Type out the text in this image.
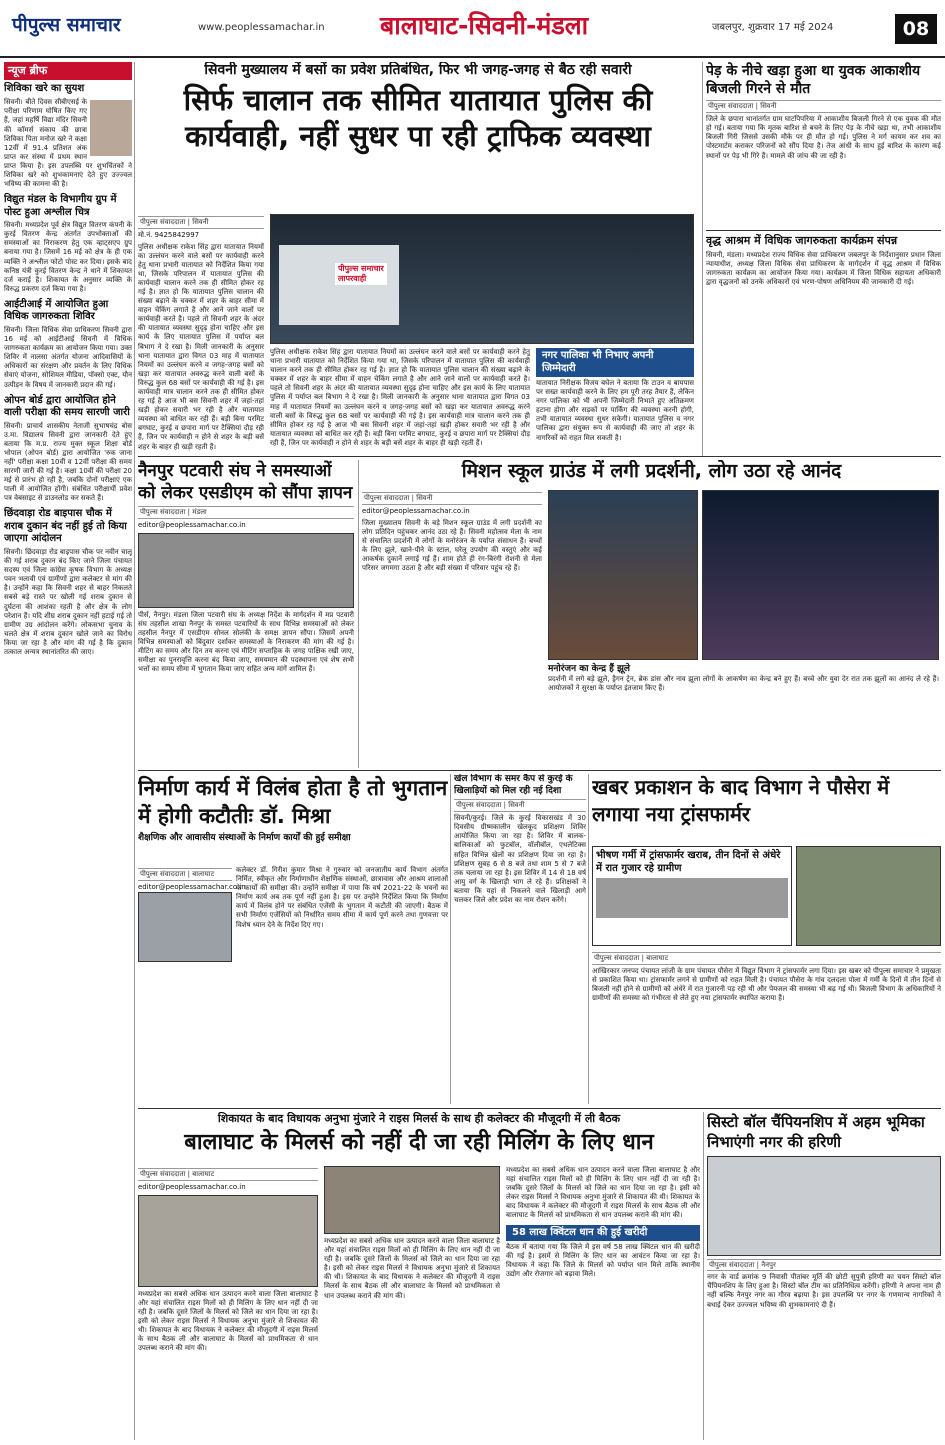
पीपुल्स समाचार	www.peoplessamachar.in बालाघाट-सिवनी-मंडला	जबलपुर, शुक्रवार 17 मई 2024	08
न्यूज ब्रीफ
शिविका खरे का सुयश
सिवनी। बीते दिवस सीबीएसई के परीक्षा परिणाम घोषित किए गए हैं, जहां महर्षि विद्या मंदिर सिवनी की कॉमर्स संकाय की छात्रा शिविका पिता मनोज खरे ने कक्षा 12वीं में 91.4 प्रतिशत अंक प्राप्त कर संस्था में प्रथम स्थान प्राप्त किया है। इस उपलब्धि पर शुभचिंतकों ने शिविका खरे को शुभकामनाएं देते हुए उज्ज्वल भविष्य की कामना की है।
विद्युत मंडल के विभागीय ग्रुप में पोस्ट हुआ अश्लील चित्र
सिवनी। मध्यप्रदेश पूर्व क्षेत्र विद्युत वितरण कंपनी के कुरई वितरण केन्द्र अंतर्गत उपभोक्ताओं की समस्याओं का निराकरण हेतु एक व्हाट्सएप ग्रुप बनाया गया है। जिसमें 16 मई को क्षेत्र के ही एक व्यक्ति ने अश्लील फोटो पोस्ट कर दिया। इसके बाद कनिष्ठ यंत्री कुरई वितरण केन्द्र ने थाने में शिकायत दर्ज कराई है। शिकायत के अनुसार व्यक्ति के विरुद्ध प्रकरण दर्ज किया गया है।
आईटीआई में आयोजित हुआ विधिक जागरुकता शिविर
सिवनी। जिला विधिक सेवा प्राधिकरण सिवनी द्वारा 16 मई को आईटीआई सिवनी में विधिक जागरुकता कार्यक्रम का आयोजन किया गया। उक्त शिविर में नालसा अंतर्गत योजना आदिवासियों के अधिकारों का संरक्षण और प्रवर्तन के लिए विधिक सेवाएं योजना, सोशियल मीडिया, पॉक्सो एक्ट, यौन उत्पीड़न के विषय में जानकारी प्रदान की गई।
ओपन बोर्ड द्वारा आयोजित होने वाली परीक्षा की समय सारणी जारी
सिवनी। प्राचार्य शासकीय नेताजी सुभाषचंद्र बोस उ.मा. विद्यालय सिवनी द्वारा जानकारी देते हुए बताया कि म.प्र. राज्य मुक्त स्कूल शिक्षा बोर्ड भोपाल (ओपन बोर्ड) द्वारा आयोजित 'रुक जाना नहीं' परीक्षा कक्षा 10वीं व 12वीं परीक्षा की समय सारणी जारी की गई है। कक्षा 10वीं की परीक्षा 20 मई से प्रारंभ हो रही है, जबकि दोनों परीक्षाएं एक पाली में आयोजित होंगी। संबंधित परीक्षार्थी प्रवेश पत्र वेबसाइट से डाउनलोड कर सकते हैं।
छिंदवाड़ा रोड बाइपास चौक में शराब दुकान बंद नहीं हुई तो किया जाएगा आंदोलन
सिवनी। छिंदवाड़ा रोड बाइपास चौक पर नवीन चालू की गई शराब दुकान बंद किए जाने जिला पंचायत सदस्य एवं जिला कांग्रेस कृषक विभाग के अध्यक्ष पवन भलावी एवं ग्रामीणों द्वारा कलेक्टर से मांग की है। उन्होंने कहा कि सिवनी शहर से बाहर निकलते सबसे बड़े रास्ते पर खोली गई शराब दुकान से दुर्घटना की आशंका रहती है और क्षेत्र के लोग परेशान हैं। यदि शीघ्र शराब दुकान नहीं हटाई गई तो ग्रामीण उग्र आंदोलन करेंगे। लोकसभा चुनाव के चलते क्षेत्र में शराब दुकान खोले जाने का विरोध किया जा रहा है और मांग की गई है कि दुकान तत्काल अन्यत्र स्थानांतरित की जाए।
सिवनी मुख्यालय में बसों का प्रवेश प्रतिबंधित, फिर भी जगह-जगह से बैठ रही सवारी
सिर्फ चालान तक सीमित यातायात पुलिस की कार्यवाही, नहीं सुधर पा रही ट्राफिक व्यवस्था
पीपुल्स संवाददाता | सिवनी
मो.नं. 9425842997
पुलिस अधीक्षक राकेश सिंह द्वारा यातायात नियमों का उल्लंघन करने वाले बसों पर कार्यवाही करने हेतु थाना प्रभारी यातायात को निर्देशित किया गया था, जिसके परिपालन में यातायात पुलिस की कार्यवाही चालान करने तक ही सीमित होकर रह गई है। ज्ञात हो कि यातायात पुलिस चालान की संख्या बढ़ाने के चक्कर में शहर के बाहर सीमा में वाहन चेकिंग लगाते है और आने जाने वालों पर कार्यवाही करते है। पहले तो सिवनी शहर के अंदर की यातायात व्यवस्था सुदृढ़ होना चाहिए और इस कार्य के लिए यातायात पुलिस में पर्याप्त बल बिभाग ने दे रखा है। मिली जानकारी के अनुसार थाना यातायात द्वारा विगत 03 माह में यातायात नियमों का उल्लंघन करने व जगह-जगह बसों को खड़ा कर यातायात अवरुद्ध करने वाली बसों के विरुद्ध कुल 68 बसों पर कार्यवाही की गई है। इस कार्यवाही मात्र चालान करने तक ही सीमित होकर रह गई है आज भी बस सिवनी शहर में जहां-तहां खड़ी होकर सवारी भर रही है और यातायात व्यवस्था को बाधित कर रही हैं। बड़ी बिना परमिट बगघाट, कुरई व छपारा मार्ग पर टैक्सियां दौड़ रही हैं, जिन पर कार्यवाही न होने से शहर के बड़ी बसें शहर के बाहर ही खड़ी रहती हैं।
पीपुल्स समाचार
लापरवाही
पुलिस अधीक्षक राकेश सिंह द्वारा यातायात नियमों का उल्लंघन करने वाले बसों पर कार्यवाही करने हेतु थाना प्रभारी यातायात को निर्देशित किया गया था, जिसके परिपालन में यातायात पुलिस की कार्यवाही चालान करने तक ही सीमित होकर रह गई है। ज्ञात हो कि यातायात पुलिस चालान की संख्या बढ़ाने के चक्कर में शहर के बाहर सीमा में वाहन चेकिंग लगाते है और आने जाने वालों पर कार्यवाही करते है। पहले तो सिवनी शहर के अंदर की यातायात व्यवस्था सुदृढ़ होना चाहिए और इस कार्य के लिए यातायात पुलिस में पर्याप्त बल बिभाग ने दे रखा है। मिली जानकारी के अनुसार थाना यातायात द्वारा विगत 03 माह में यातायात नियमों का उल्लंघन करने व जगह-जगह बसों को खड़ा कर यातायात अवरुद्ध करने वाली बसों के विरुद्ध कुल 68 बसों पर कार्यवाही की गई है। इस कार्यवाही मात्र चालान करने तक ही सीमित होकर रह गई है आज भी बस सिवनी शहर में जहां-तहां खड़ी होकर सवारी भर रही है और यातायात व्यवस्था को बाधित कर रही हैं। बड़ी बिना परमिट बगघाट, कुरई व छपारा मार्ग पर टैक्सियां दौड़ रही हैं, जिन पर कार्यवाही न होने से शहर के बड़ी बसें शहर के बाहर ही खड़ी रहती हैं।
नगर पालिका भी निभाए अपनी जिम्मेदारी
यातायात निरीक्षक विजय बघेल ने बताया कि टाउन व बायपास पर सख्त कार्यवाही करने के लिए हम पूरी तरह तैयार हैं, लेकिन नगर पालिका को भी अपनी जिम्मेदारी निभाते हुए अतिक्रमण हटाना होगा और सड़कों पर पार्किंग की व्यवस्था करनी होगी, तभी यातायात व्यवस्था सुधर सकेगी। यातायात पुलिस व नगर पालिका द्वारा संयुक्त रूप से कार्यवाही की जाए तो शहर के नागरिकों को राहत मिल सकती है।
पेड़ के नीचे खड़ा हुआ था युवक आकाशीय बिजली गिरने से मौत
पीपुल्स संवाददाता | सिवनी
जिले के छपारा थानांतर्गत ग्राम घाटपिपरिया में आकाशीय बिजली गिरने से एक युवक की मौत हो गई। बताया गया कि मृतक बारिश से बचने के लिए पेड़ के नीचे खड़ा था, तभी आकाशीय बिजली गिरी जिससे उसकी मौके पर ही मौत हो गई। पुलिस ने मर्ग कायम कर शव का पोस्टमार्टम कराकर परिजनों को सौंप दिया है। तेज आंधी के साथ हुई बारिश के कारण कई स्थानों पर पेड़ भी गिरे हैं। मामले की जांच की जा रही है।
वृद्ध आश्रम में विधिक जागरुकता कार्यक्रम संपन्न
सिवनी, मंडला। मध्यप्रदेश राज्य विधिक सेवा प्राधिकरण जबलपुर के निर्देशानुसार प्रधान जिला न्यायाधीश, अध्यक्ष जिला विधिक सेवा प्राधिकरण के मार्गदर्शन में वृद्ध आश्रम में विधिक जागरुकता कार्यक्रम का आयोजन किया गया। कार्यक्रम में जिला विधिक सहायता अधिकारी द्वारा वृद्धजनों को उनके अधिकारों एवं भरण-पोषण अधिनियम की जानकारी दी गई।
नैनपुर पटवारी संघ ने समस्याओं को लेकर एसडीएम को सौंपा ज्ञापन
पीपुल्स संवाददाता | मंडला
editor@peoplessamachar.co.in
पीर्स, नैनपुर। मंडला जिला पटवारी संघ के अध्यक्ष निर्देश के मार्गदर्शन में मप्र पटवारी संघ तहसील शाखा नैनपुर के समस्त पटवारियों के साथ विभिन्न समस्याओं को लेकर तहसील नैनपुर में एसडीएम सोनल सोलंकी के समक्ष ज्ञापन सौंपा। जिसमें अपनी विभिन्न समस्याओं को बिंदुवार दर्शाकर समस्याओं के निराकरण की मांग की गई है। मीटिंग का समय और दिन तय करना एवं मीटिंग सप्ताहिक के जगह पाक्षिक रखी जाए, समीक्षा का पुनरावृत्ति करना बंद किया जाए, समयमान की पदस्थापना एवं शेष सभी भत्तों का समय सीमा में भुगतान किया जाए सहित अन्य मांगें शामिल हैं।
मिशन स्कूल ग्राउंड में लगी प्रदर्शनी, लोग उठा रहे आनंद
पीपुल्स संवाददाता | सिवनी
editor@peoplessamachar.co.in
जिला मुख्यालय सिवनी के बड़े मिशन स्कूल ग्राउंड में लगी प्रदर्शनी का लोग प्रतिदिन पहुंचकर आनंद उठा रहे हैं। सिवनी महोत्सव मेला के नाम से संचालित प्रदर्शनी में लोगों के मनोरंजन के पर्याप्त संसाधन हैं। बच्चों के लिए झूले, खाने-पीने के स्टाल, घरेलू उपयोग की वस्तुएं और कई आकर्षक दुकानें लगाई गई हैं। शाम होते ही रंग-बिरंगी रोशनी से मेला परिसर जगमगा उठता है और बड़ी संख्या में परिवार पहुंच रहे हैं।
मनोरंजन का केन्द्र हैं झूले
प्रदर्शनी में लगे बड़े झूले, ड्रैगन ट्रेन, ब्रेक डांस और नाव झूला लोगों के आकर्षण का केन्द्र बने हुए हैं। बच्चे और युवा देर रात तक झूलों का आनंद ले रहे हैं। आयोजकों ने सुरक्षा के पर्याप्त इंतजाम किए हैं।
निर्माण कार्य में विलंब होता है तो भुगतान में होगी कटौतीः डॉ. मिश्रा
शैक्षणिक और आवासीय संस्थाओं के निर्माण कार्यों की हुई समीक्षा
पीपुल्स संवाददाता | बालाघाट
editor@peoplessamachar.co.in
कलेक्टर डॉ. गिरीश कुमार मिश्रा ने गुरुवार को जनजातीय कार्य विभाग अंतर्गत निर्मित, स्वीकृत और निर्माणाधीन शैक्षणिक संस्थाओं, छात्रावास और आश्रम शालाओं के कार्यों की समीक्षा की। उन्होंने समीक्षा में पाया कि वर्ष 2021-22 के भवनों का निर्माण कार्य अब तक पूर्ण नहीं हुआ है। इस पर उन्होंने निर्देशित किया कि निर्माण कार्य में विलंब होने पर संबंधित एजेंसी के भुगतान में कटौती की जाएगी। बैठक में सभी निर्माण एजेंसियों को निर्धारित समय सीमा में कार्य पूर्ण करने तथा गुणवत्ता पर विशेष ध्यान देने के निर्देश दिए गए।
खेल विभाग के समर कैंप से कुरई के खिलाड़ियों को मिल रही नई दिशा
पीपुल्स संवाददाता | सिवनी
सिवनी/कुरई। जिले के कुरई विकासखंड में 30 दिवसीय ग्रीष्मकालीन खेलकूद प्रशिक्षण शिविर आयोजित किया जा रहा है। शिविर में बालक-बालिकाओं को फुटबॉल, वॉलीबॉल, एथलेटिक्स सहित विभिन्न खेलों का प्रशिक्षण दिया जा रहा है। प्रशिक्षण सुबह 6 से 8 बजे तथा शाम 5 से 7 बजे तक चलाया जा रहा है। इस शिविर में 14 से 18 वर्ष आयु वर्ग के खिलाड़ी भाग ले रहे हैं। प्रशिक्षकों ने बताया कि यहां से निकलने वाले खिलाड़ी आगे चलकर जिले और प्रदेश का नाम रोशन करेंगे।
खबर प्रकाशन के बाद विभाग ने पौसेरा में लगाया नया ट्रांसफार्मर
भीषण गर्मी में ट्रांसफार्मर खराब, तीन दिनों से अंधेरे में रात गुजार रहे ग्रामीण
पीपुल्स संवाददाता | बालाघाट
आखिरकार जनपद पंचायत लांजी के ग्राम पंचायत पौसेरा में विद्युत विभाग ने ट्रांसफार्मर लगा दिया। इस खबर को पीपुल्स समाचार ने प्रमुखता से प्रकाशित किया था। ट्रांसफार्मर लगने से ग्रामीणों को राहत मिली है। पंचायत पौसेरा के गांव दलदला पोला में गर्मी के दिनों में तीन दिनों से बिजली नहीं होने से ग्रामीणों को अंधेरे में रात गुजारनी पड़ रही थी और पेयजल की समस्या भी बढ़ गई थी। बिजली विभाग के अधिकारियों ने ग्रामीणों की समस्या को गंभीरता से लेते हुए नया ट्रांसफार्मर स्थापित कराया है।
शिकायत के बाद विधायक अनुभा मुंजारे ने राइस मिलर्स के साथ ही कलेक्टर की मौजूदगी में ली बैठक
बालाघाट के मिलर्स को नहीं दी जा रही मिलिंग के लिए धान
पीपुल्स संवाददाता | बालाघाट
editor@peoplessamachar.co.in
मध्यप्रदेश का सबसे अधिक धान उत्पादन करने वाला जिला बालाघाट है और यहां संचालित राइस मिलों को ही मिलिंग के लिए धान नहीं दी जा रही है। जबकि दूसरे जिलों के मिलर्स को जिले का धान दिया जा रहा है। इसी को लेकर राइस मिलर्स ने विधायक अनुभा मुंजारे से शिकायत की थी। शिकायत के बाद विधायक ने कलेक्टर की मौजूदगी में राइस मिलर्स के साथ बैठक ली और बालाघाट के मिलर्स को प्राथमिकता से धान उपलब्ध कराने की मांग की।
मध्यप्रदेश का सबसे अधिक धान उत्पादन करने वाला जिला बालाघाट है और यहां संचालित राइस मिलों को ही मिलिंग के लिए धान नहीं दी जा रही है। जबकि दूसरे जिलों के मिलर्स को जिले का धान दिया जा रहा है। इसी को लेकर राइस मिलर्स ने विधायक अनुभा मुंजारे से शिकायत की थी। शिकायत के बाद विधायक ने कलेक्टर की मौजूदगी में राइस मिलर्स के साथ बैठक ली और बालाघाट के मिलर्स को प्राथमिकता से धान उपलब्ध कराने की मांग की।
मध्यप्रदेश का सबसे अधिक धान उत्पादन करने वाला जिला बालाघाट है और यहां संचालित राइस मिलों को ही मिलिंग के लिए धान नहीं दी जा रही है। जबकि दूसरे जिलों के मिलर्स को जिले का धान दिया जा रहा है। इसी को लेकर राइस मिलर्स ने विधायक अनुभा मुंजारे से शिकायत की थी। शिकायत के बाद विधायक ने कलेक्टर की मौजूदगी में राइस मिलर्स के साथ बैठक ली और बालाघाट के मिलर्स को प्राथमिकता से धान उपलब्ध कराने की मांग की।
58 लाख क्विंटल धान की हुई खरीदी
बैठक में बताया गया कि जिले में इस वर्ष 58 लाख क्विंटल धान की खरीदी की गई है। इसमें से मिलिंग के लिए धान का आवंटन किया जा रहा है। विधायक ने कहा कि जिले के मिलर्स को पर्याप्त धान मिले ताकि स्थानीय उद्योग और रोजगार को बढ़ावा मिले।
सिस्टो बॉल चैंपियनशिप में अहम भूमिका निभाएंगी नगर की हरिणी
पीपुल्स संवाददाता | नैनपुर
नगर के वार्ड क्रमांक 9 निवासी पीतांबर मूर्ति की छोटी सुपुत्री हरिणी का चयन सिस्टो बॉल चैंपियनशिप के लिए हुआ है। सिस्टो बॉल टीम का प्रतिनिधित्व करेंगी। हरिणी ने अपना नाम ही नहीं बल्कि नैनपुर नगर का गौरव बढ़ाया है। इस उपलब्धि पर नगर के गणमान्य नागरिकों ने बधाई देकर उज्ज्वल भविष्य की शुभकामनाएं दी हैं।
